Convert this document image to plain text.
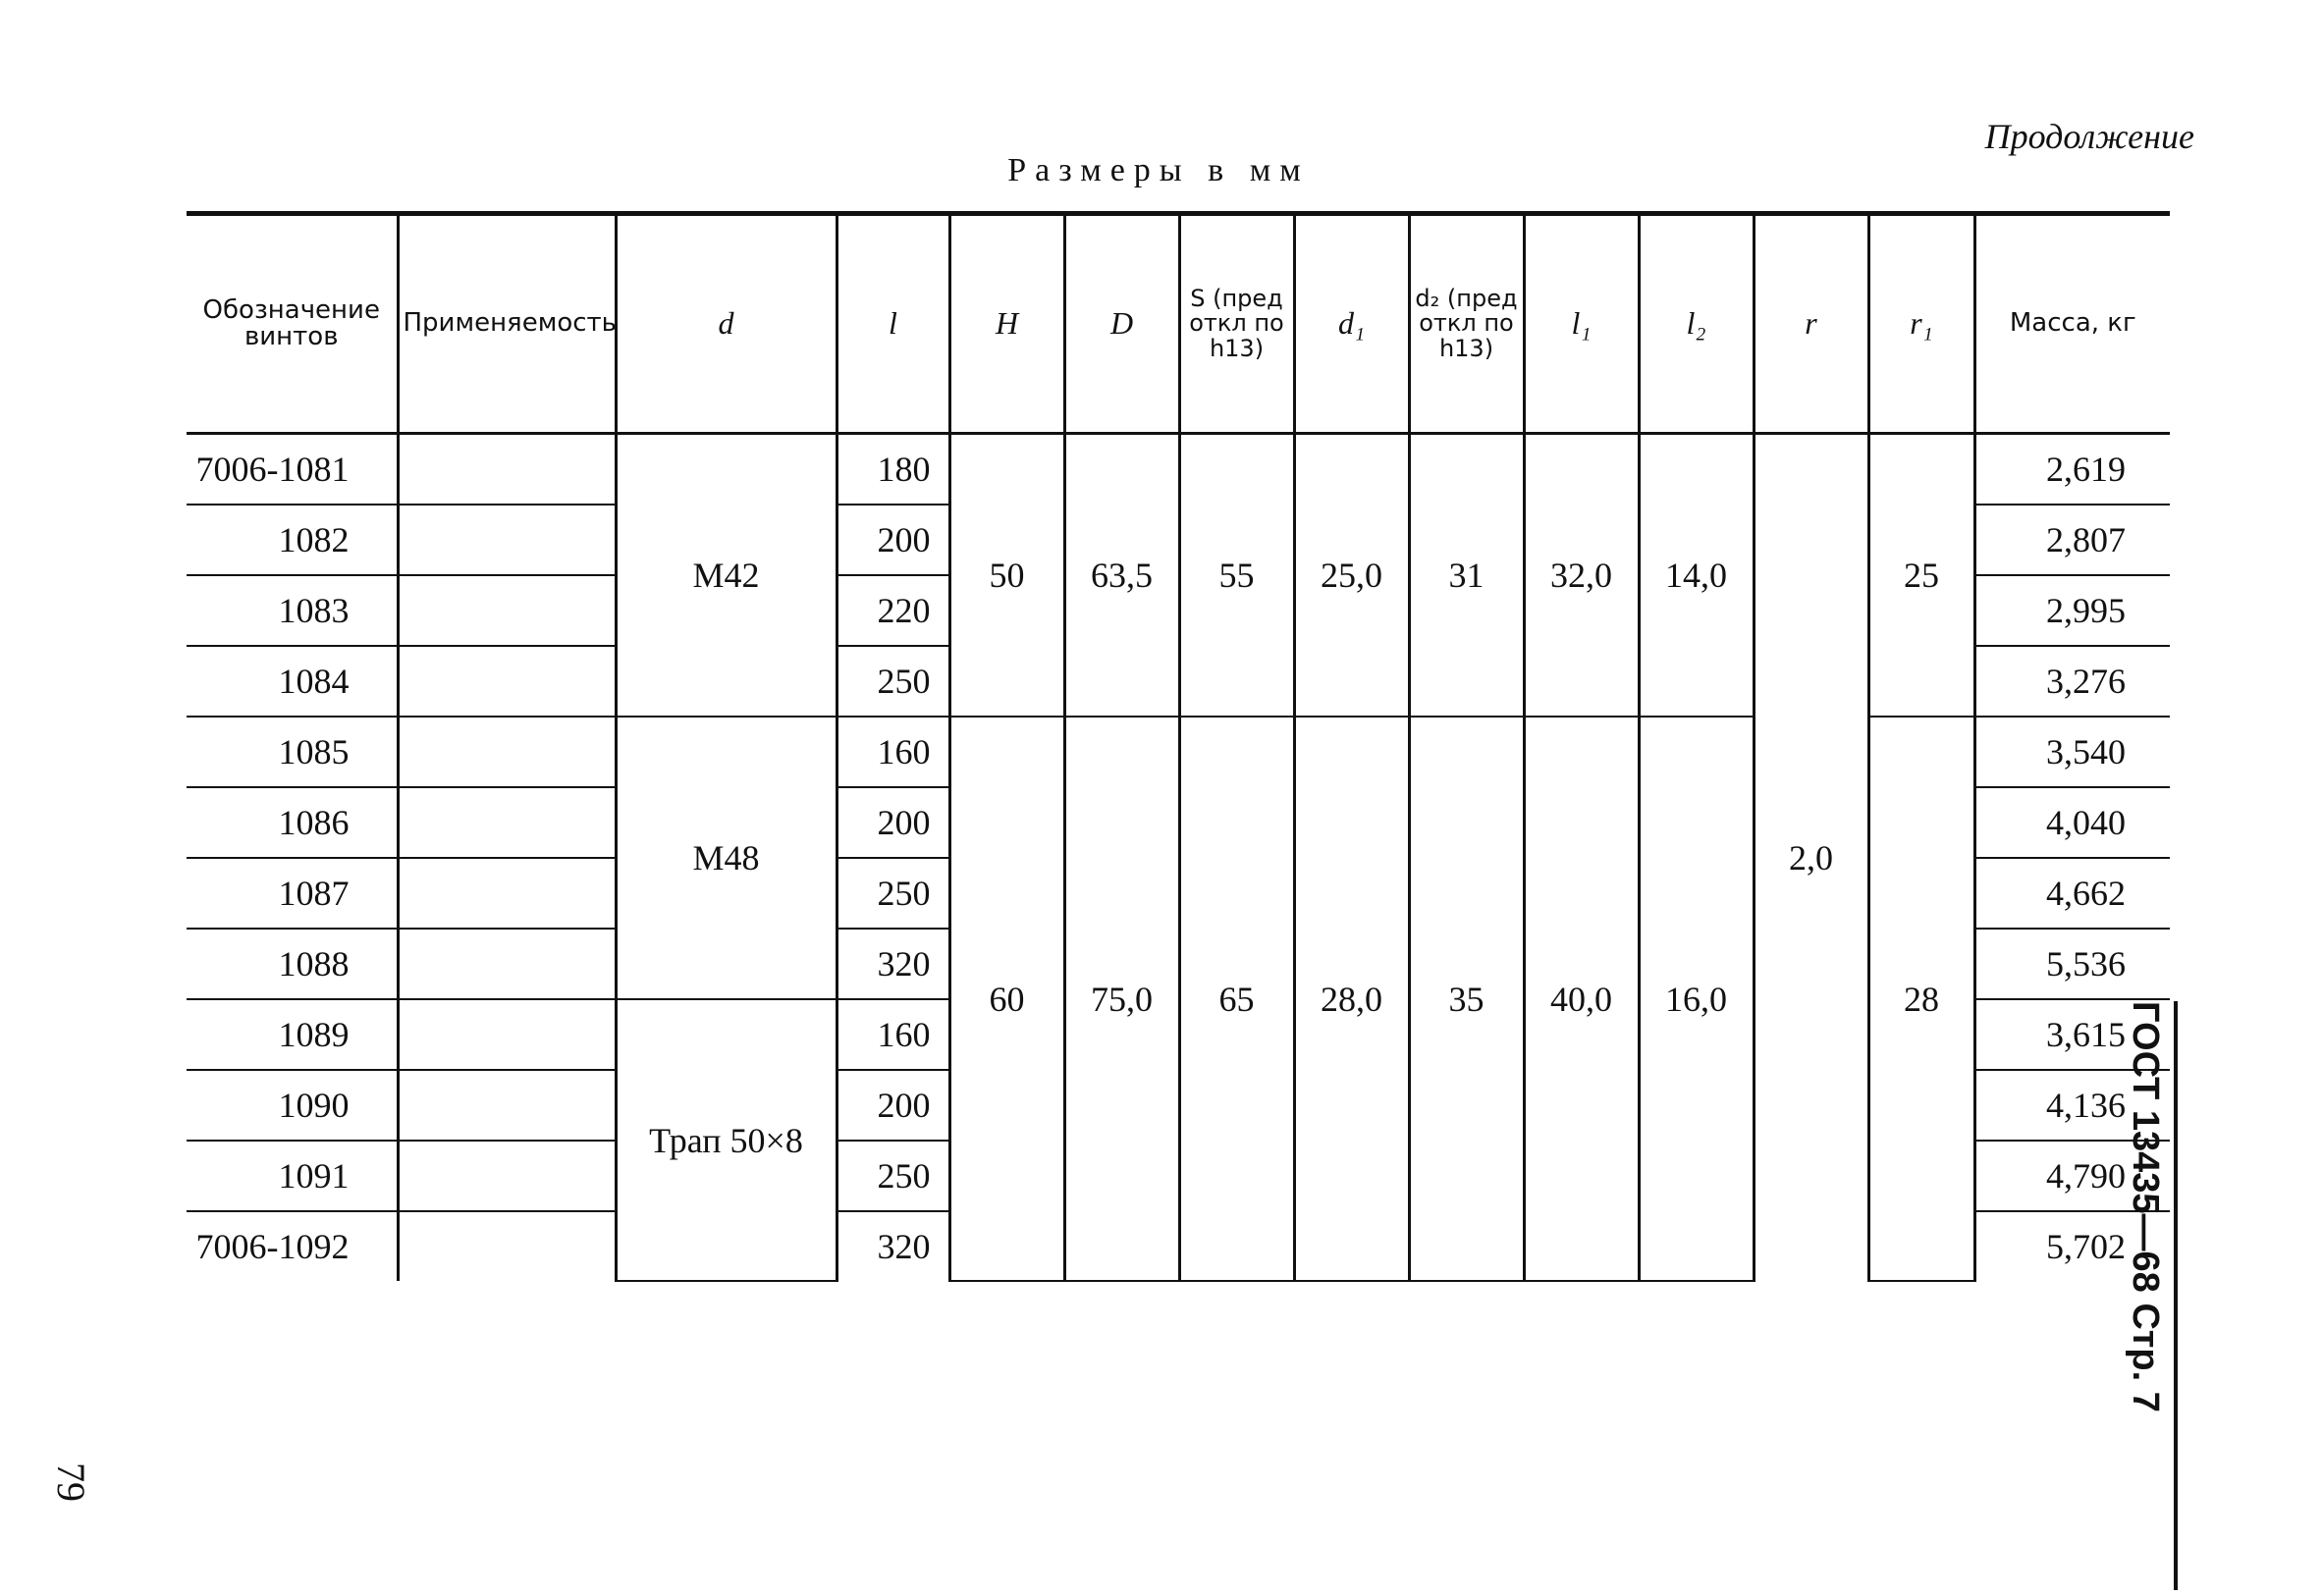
Продолжение
Размеры в мм
Обозначение винтов	Применяемость	d	l	H	D	S (пред откл по h13)	d₁	d₂ (пред откл по h13)	l₁	l₂	r	r₁	Масса, кг
7006-1081		М42	180	50	63,5	55	25,0	31	32,0	14,0	2,0	25	2,619
1082			200										2,807
1083			220										2,995
1084			250										3,276
1085		М48	160	60	75,0	65	28,0	35	40,0	16,0		28	3,540
1086			200										4,040
1087			250										4,662
1088			320										5,536
1089		Трап 50×8	160										3,615
1090			200										4,136
1091			250										4,790
7006-1092			320										5,702 ГОСТ 13435—68 Стр. 7
79
